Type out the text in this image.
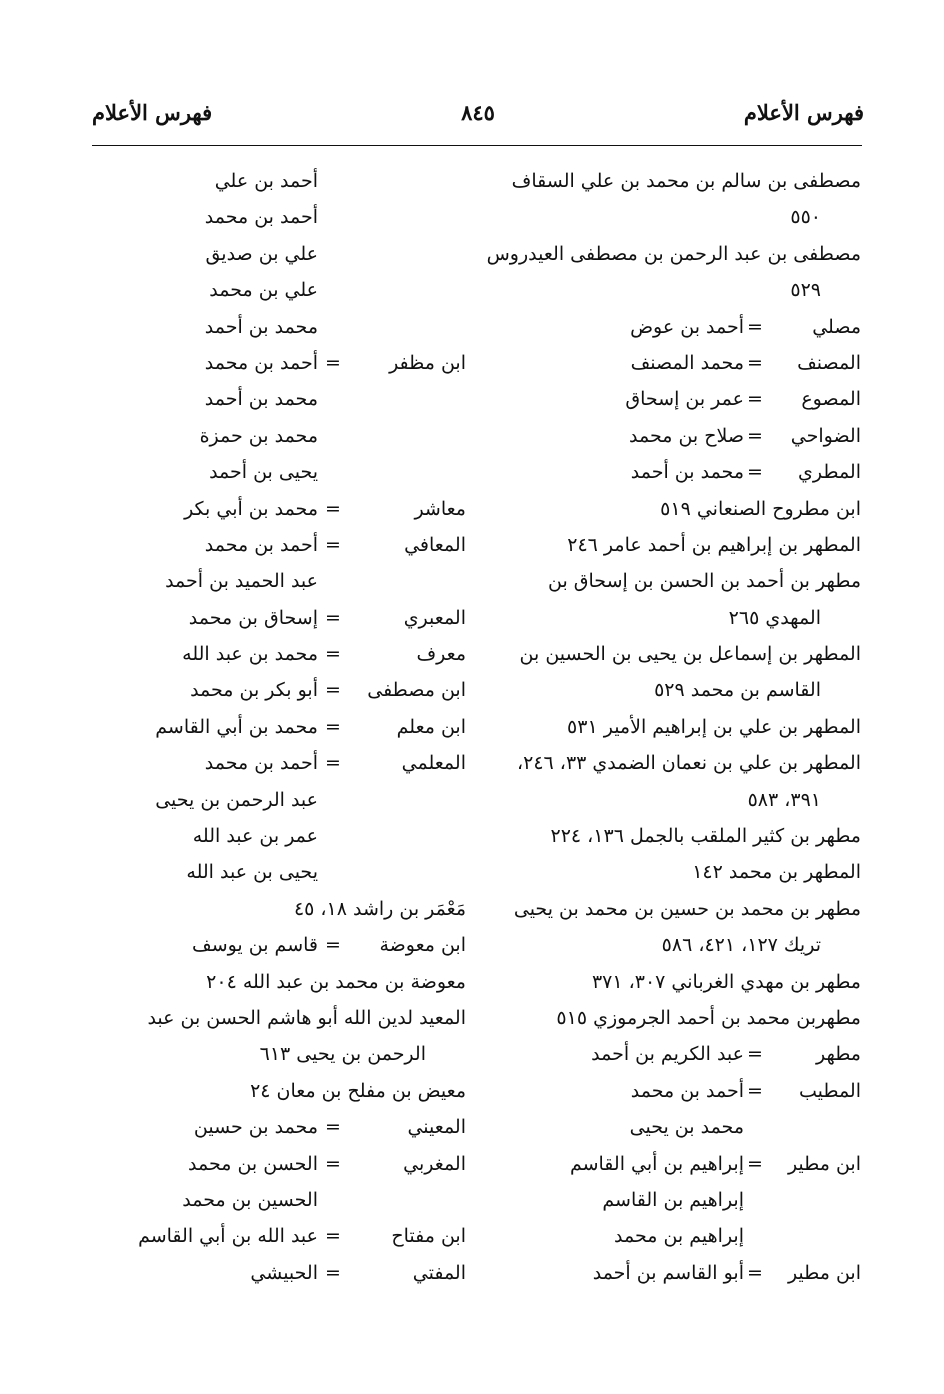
فهرس الأعلام
٨٤٥
فهرس الأعلام
مصطفى بن سالم بن محمد بن علي السقاف
٥٥٠
مصطفى بن عبد الرحمن بن مصطفى العيدروس
٥٢٩
مصلي
=
أحمد بن عوض
المصنف
=
محمد المصنف
المصوع
=
عمر بن إسحاق
الضواحي
=
صلاح بن محمد
المطري
=
محمد بن أحمد
ابن مطروح الصنعاني ٥١٩
المطهر بن إبراهيم بن أحمد عامر ٢٤٦
مطهر بن أحمد بن الحسن بن إسحاق بن
المهدي ٢٦٥
المطهر بن إسماعل بن يحيى بن الحسين بن
القاسم بن محمد ٥٢٩
المطهر بن علي بن إبراهيم الأمير ٥٣١
المطهر بن علي بن نعمان الضمدي ٣٣، ٢٤٦،
٣٩١، ٥٨٣
مطهر بن كثير الملقب بالجمل ١٣٦، ٢٢٤
المطهر بن محمد ١٤٢
مطهر بن محمد بن حسين بن محمد بن يحيى
تريك ١٢٧، ٤٢١، ٥٨٦
مطهر بن مهدي الغرباني ٣٠٧، ٣٧١
مطهربن محمد بن أحمد الجرموزي ٥١٥
مطهر
=
عبد الكريم بن أحمد
المطيب
=
أحمد بن محمد
محمد بن يحيى
ابن مطير
=
إبراهيم بن أبي القاسم
إبراهيم بن القاسم
إبراهيم بن محمد
ابن مطير
=
أبو القاسم بن أحمد
أحمد بن علي
أحمد بن محمد
علي بن صديق
علي بن محمد
محمد بن أحمد
ابن مظفر
=
أحمد بن محمد
محمد بن أحمد
محمد بن حمزة
يحيى بن أحمد
معاشر
=
محمد بن أبي بكر
المعافي
=
أحمد بن محمد
عبد الحميد بن أحمد
المعبري
=
إسحاق بن محمد
معرف
=
محمد بن عبد الله
ابن مصطفى
=
أبو بكر بن محمد
ابن معلم
=
محمد بن أبي القاسم
المعلمي
=
أحمد بن محمد
عبد الرحمن بن يحيى
عمر بن عبد الله
يحيى بن عبد الله
مَعْمَر بن راشد ١٨، ٤٥
ابن معوضة
=
قاسم بن يوسف
معوضة بن محمد بن عبد الله ٢٠٤
المعيد لدين الله أبو هاشم الحسن بن عبد
الرحمن بن يحيى ٦١٣
معيض بن مفلح بن معان ٢٤
المعيني
=
محمد بن حسين
المغربي
=
الحسن بن محمد
الحسين بن محمد
ابن مفتاح
=
عبد الله بن أبي القاسم
المفتي
=
الحبيشي
